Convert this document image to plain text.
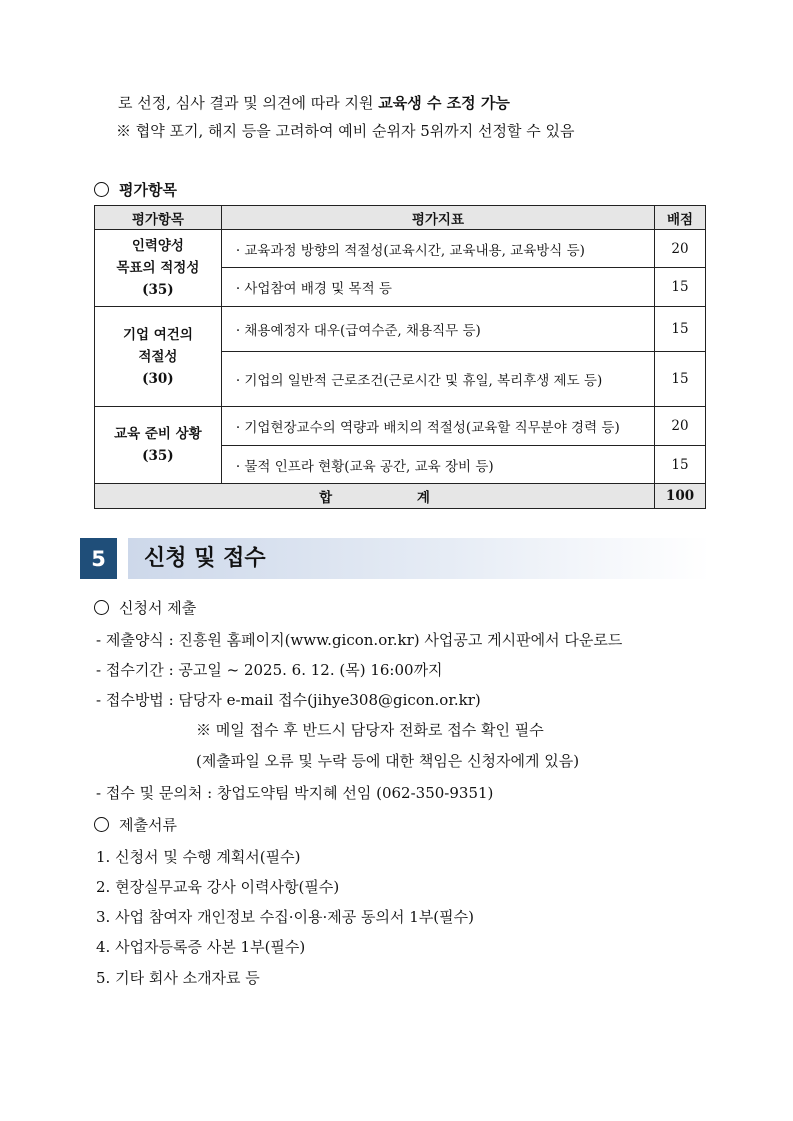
로 선정, 심사 결과 및 의견에 따라 지원 교육생 수 조정 가능
※ 협약 포기, 해지 등을 고려하여 예비 순위자 5위까지 선정할 수 있음
평가항목
평가항목	평가지표	배점

인력양성
목표의 적정성
(35)	· 교육과정 방향의 적절성(교육시간, 교육내용, 교육방식 등)	20
	· 사업참여 배경 및 목적 등	15

기업 여건의
적절성
(30)	· 채용예정자 대우(급여수준, 채용직무 등)	15
	· 기업의 일반적 근로조건(근로시간 및 휴일, 복리후생 제도 등)	15

교육 준비 상황
(35)	· 기업현장교수의 역량과 배치의 적절성(교육할 직무분야 경력 등)	20
	· 물적 인프라 현황(교육 공간, 교육 장비 등)	15
합 계		100
5	신청 및 접수
신청서 제출
- 제출양식 : 진흥원 홈페이지(www.gicon.or.kr) 사업공고 게시판에서 다운로드
- 접수기간 : 공고일 ~ 2025. 6. 12. (목) 16:00까지
- 접수방법 : 담당자 e-mail 접수(jihye308@gicon.or.kr)
※ 메일 접수 후 반드시 담당자 전화로 접수 확인 필수
(제출파일 오류 및 누락 등에 대한 책임은 신청자에게 있음)
- 접수 및 문의처 : 창업도약팀 박지혜 선임 (062-350-9351)
제출서류
1. 신청서 및 수행 계획서(필수)
2. 현장실무교육 강사 이력사항(필수)
3. 사업 참여자 개인정보 수집·이용·제공 동의서 1부(필수)
4. 사업자등록증 사본 1부(필수)
5. 기타 회사 소개자료 등
